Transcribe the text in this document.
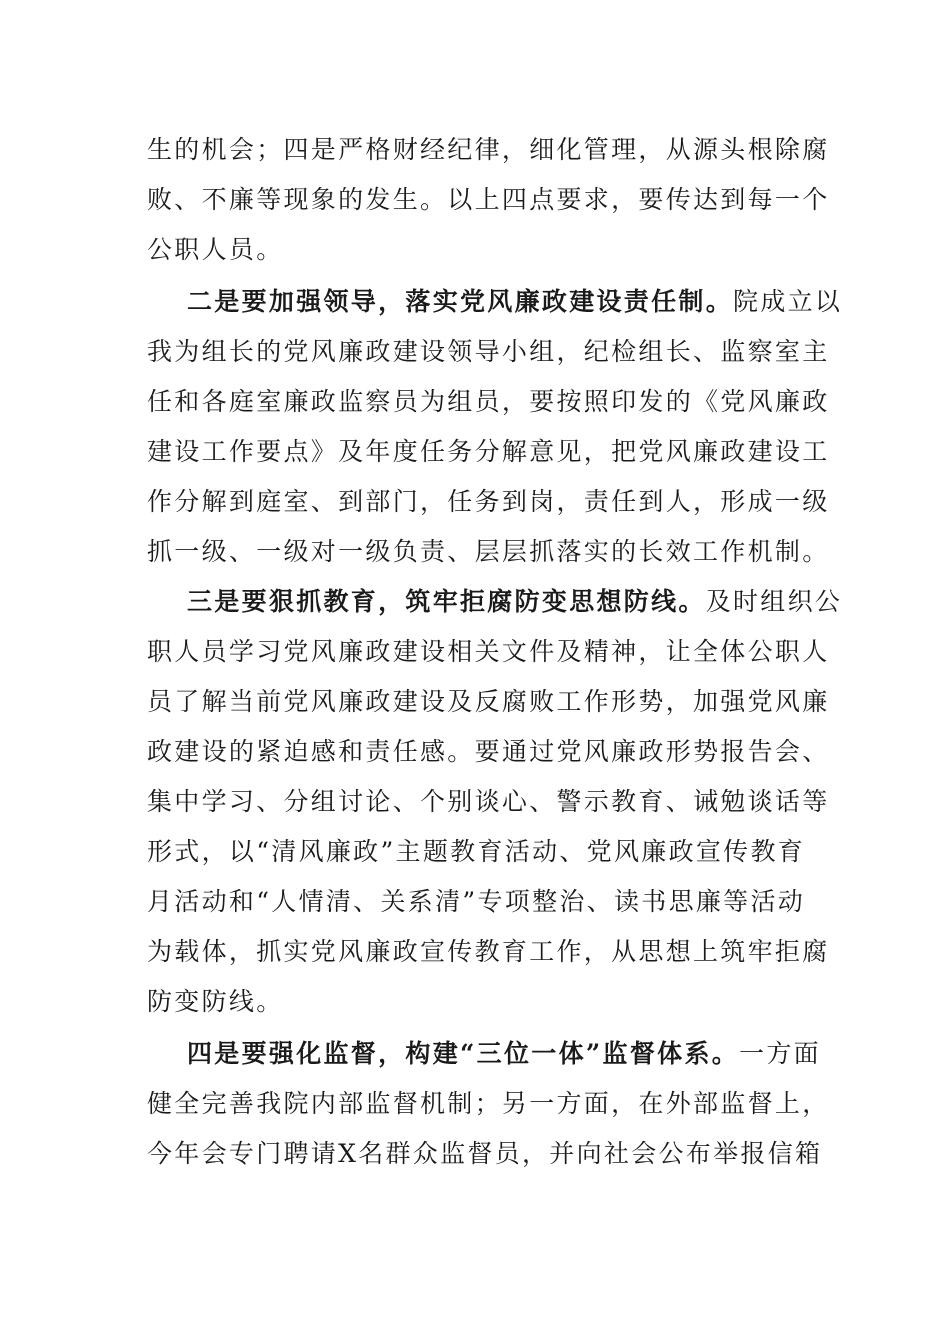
生的机会；四是严格财经纪律，细化管理，从源头根除腐
败、不廉等现象的发生。以上四点要求，要传达到每一个
公职人员。
二是要加强领导，落实党风廉政建设责任制。院成立以
我为组长的党风廉政建设领导小组，纪检组长、监察室主
任和各庭室廉政监察员为组员，要按照印发的《党风廉政
建设工作要点》及年度任务分解意见，把党风廉政建设工
作分解到庭室、到部门，任务到岗，责任到人，形成一级
抓一级、一级对一级负责、层层抓落实的长效工作机制。
三是要狠抓教育，筑牢拒腐防变思想防线。及时组织公
职人员学习党风廉政建设相关文件及精神，让全体公职人
员了解当前党风廉政建设及反腐败工作形势，加强党风廉
政建设的紧迫感和责任感。要通过党风廉政形势报告会、
集中学习、分组讨论、个别谈心、警示教育、诫勉谈话等
形式，以“清风廉政”主题教育活动、党风廉政宣传教育
月活动和“人情清、关系清”专项整治、读书思廉等活动
为载体，抓实党风廉政宣传教育工作，从思想上筑牢拒腐
防变防线。
四是要强化监督，构建“三位一体”监督体系。一方面
健全完善我院内部监督机制；另一方面，在外部监督上，
今年会专门聘请X名群众监督员，并向社会公布举报信箱
